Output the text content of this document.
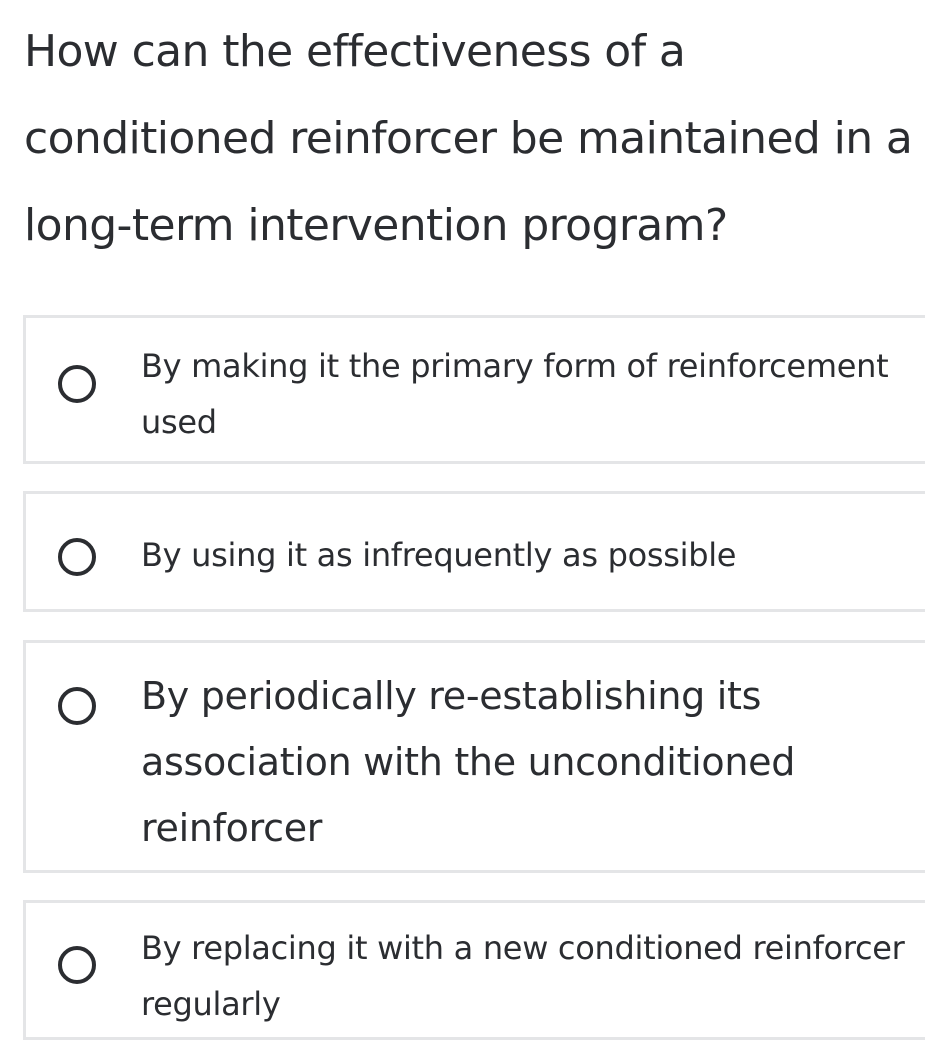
How can the effectiveness of a conditioned reinforcer be maintained in a long-term intervention program?

By making it the primary form of reinforcement used

By using it as infrequently as possible

By periodically re-establishing its association with the unconditioned reinforcer

By replacing it with a new conditioned reinforcer regularly
